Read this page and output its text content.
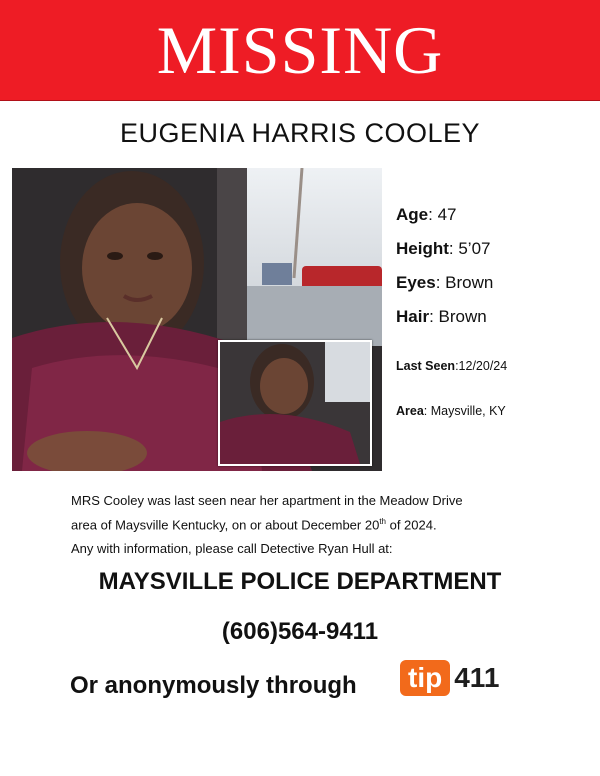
MISSING
EUGENIA HARRIS COOLEY
Age: 47
Height: 5’07
Eyes: Brown
Hair: Brown
Last Seen:12/20/24
Area: Maysville, KY
MRS Cooley was last seen near her apartment in the Meadow Drive
area of Maysville Kentucky, on or about December 20th of 2024.
Any with information, please call Detective Ryan Hull at:
MAYSVILLE POLICE DEPARTMENT
(606)564-9411
Or anonymously through tip 411
